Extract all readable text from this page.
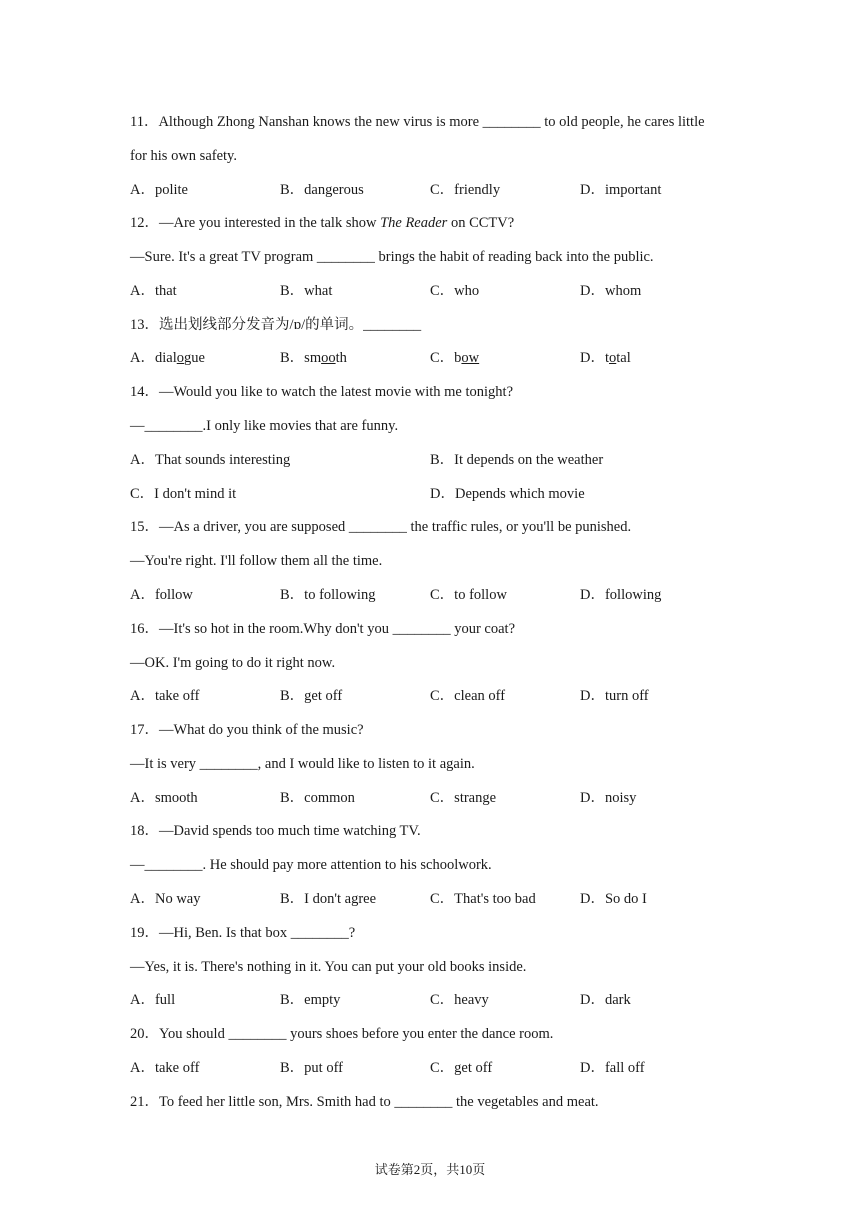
11．Although Zhong Nanshan knows the new virus is more ________ to old people, he cares little
for his own safety.
A．polite	B．dangerous	C．friendly	D．important
12．—Are you interested in the talk show The Reader on CCTV?
—Sure. It's a great TV program ________ brings the habit of reading back into the public.
A．that	B．what	C．who	D．whom
13．选出划线部分发音为/ɒ/的单词。________
A．dialogue	B．smooth	C．bow	D．total
14．—Would you like to watch the latest movie with me tonight?
—________.I only like movies that are funny.
A．That sounds interesting	B．It depends on the weather
C．I don't mind it	D．Depends which movie
15．—As a driver, you are supposed ________ the traffic rules, or you'll be punished.
—You're right. I'll follow them all the time.
A．follow	B．to following	C．to follow	D．following
16．—It's so hot in the room.Why don't you ________ your coat?
—OK. I'm going to do it right now.
A．take off	B．get off	C．clean off	D．turn off
17．—What do you think of the music?
—It is very ________, and I would like to listen to it again.
A．smooth	B．common	C．strange	D．noisy
18．—David spends too much time watching TV.
—________. He should pay more attention to his schoolwork.
A．No way	B．I don't agree	C．That's too bad	D．So do I
19．—Hi, Ben. Is that box ________?
—Yes, it is. There's nothing in it. You can put your old books inside.
A．full	B．empty	C．heavy	D．dark
20．You should ________ yours shoes before you enter the dance room.
A．take off	B．put off	C．get off	D．fall off
21．To feed her little son, Mrs. Smith had to ________ the vegetables and meat.
试卷第2页，共10页
